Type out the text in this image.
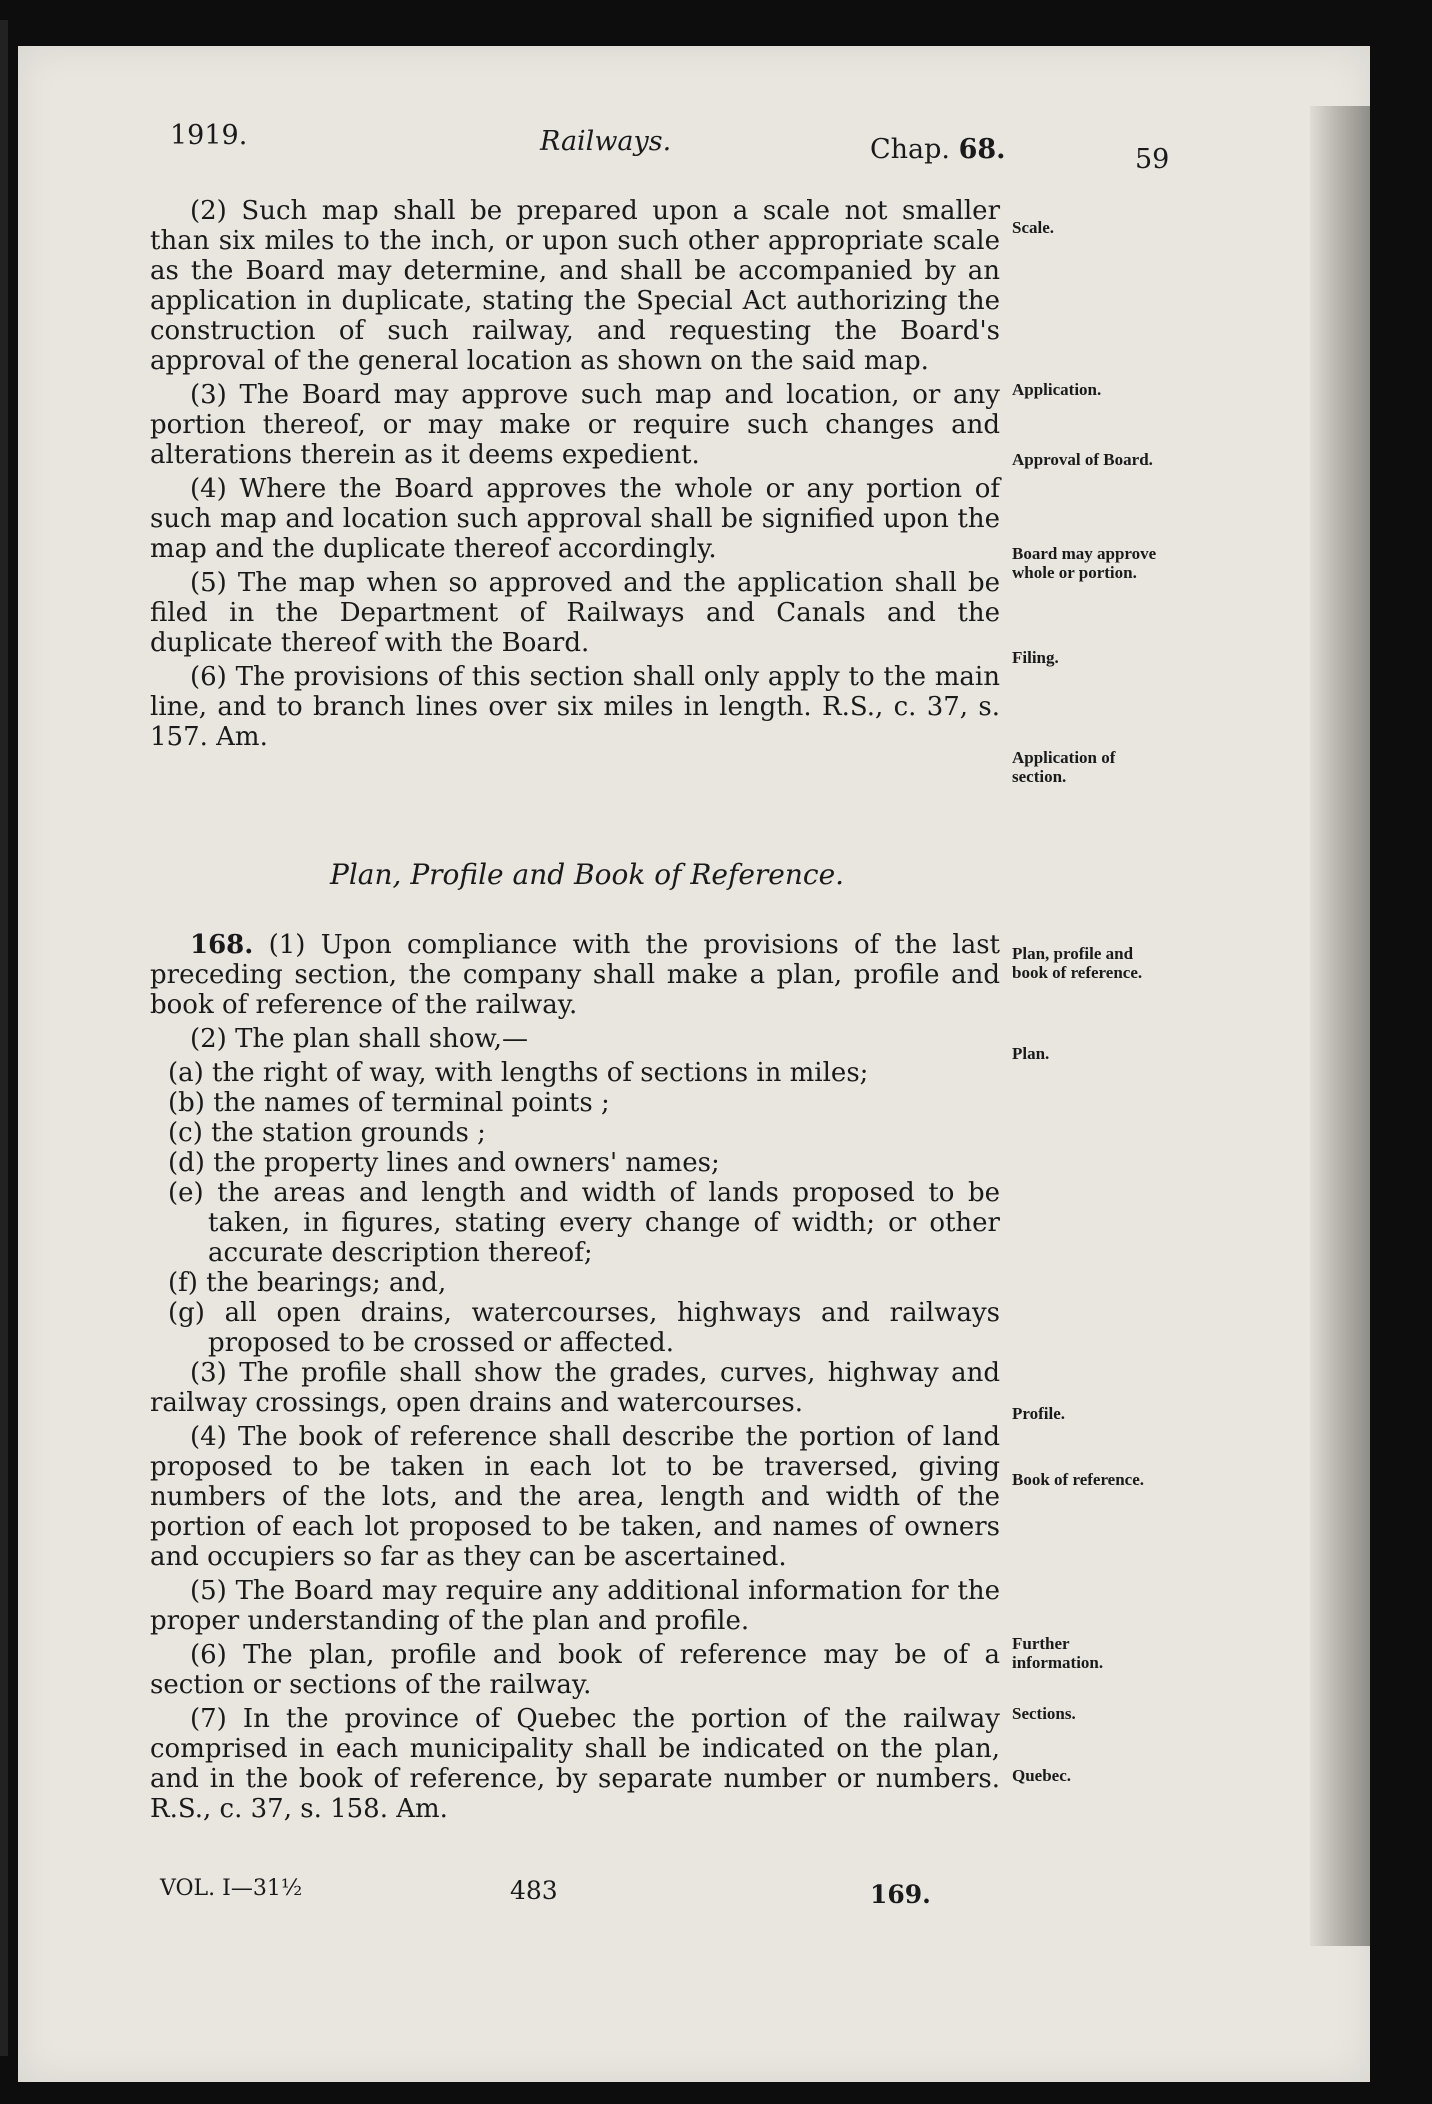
1919.	Railways.	Chap. 68.	59

(2) Such map shall be prepared upon a scale not smaller than six miles to the inch, or upon such other appropriate scale as the Board may determine, and shall be accompanied by an application in duplicate, stating the Special Act authorizing the construction of such railway, and requesting the Board's approval of the general location as shown on the said map.

(3) The Board may approve such map and location, or any portion thereof, or may make or require such changes and alterations therein as it deems expedient.

(4) Where the Board approves the whole or any portion of such map and location such approval shall be signified upon the map and the duplicate thereof accordingly.

(5) The map when so approved and the application shall be filed in the Department of Railways and Canals and the duplicate thereof with the Board.

(6) The provisions of this section shall only apply to the main line, and to branch lines over six miles in length. R.S., c. 37, s. 157. Am.

Plan, Profile and Book of Reference.

168. (1) Upon compliance with the provisions of the last preceding section, the company shall make a plan, profile and book of reference of the railway.

(2) The plan shall show,—

(a) the right of way, with lengths of sections in miles;

(b) the names of terminal points ;

(c) the station grounds ;

(d) the property lines and owners' names;

(e) the areas and length and width of lands proposed to be taken, in figures, stating every change of width; or other accurate description thereof;

(f) the bearings; and,

(g) all open drains, watercourses, highways and railways proposed to be crossed or affected.

(3) The profile shall show the grades, curves, highway and railway crossings, open drains and watercourses.

(4) The book of reference shall describe the portion of land proposed to be taken in each lot to be traversed, giving numbers of the lots, and the area, length and width of the portion of each lot proposed to be taken, and names of owners and occupiers so far as they can be ascertained.

(5) The Board may require any additional information for the proper understanding of the plan and profile.

(6) The plan, profile and book of reference may be of a section or sections of the railway.

(7) In the province of Quebec the portion of the railway comprised in each municipality shall be indicated on the plan, and in the book of reference, by separate number or numbers. R.S., c. 37, s. 158. Am.

Scale.
Application.
Approval of Board.
Board may approve whole or portion.
Filing.
Application of section.
Plan, profile and book of reference.
Plan.
Profile.
Book of reference.
Further information.
Sections.
Quebec.
VOL. I—31½	483	169.
